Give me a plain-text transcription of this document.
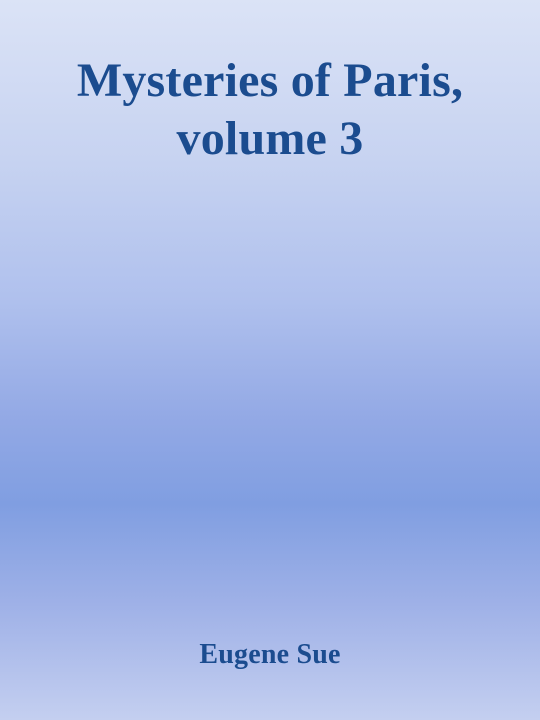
Mysteries of Paris,
volume 3
Eugene Sue
